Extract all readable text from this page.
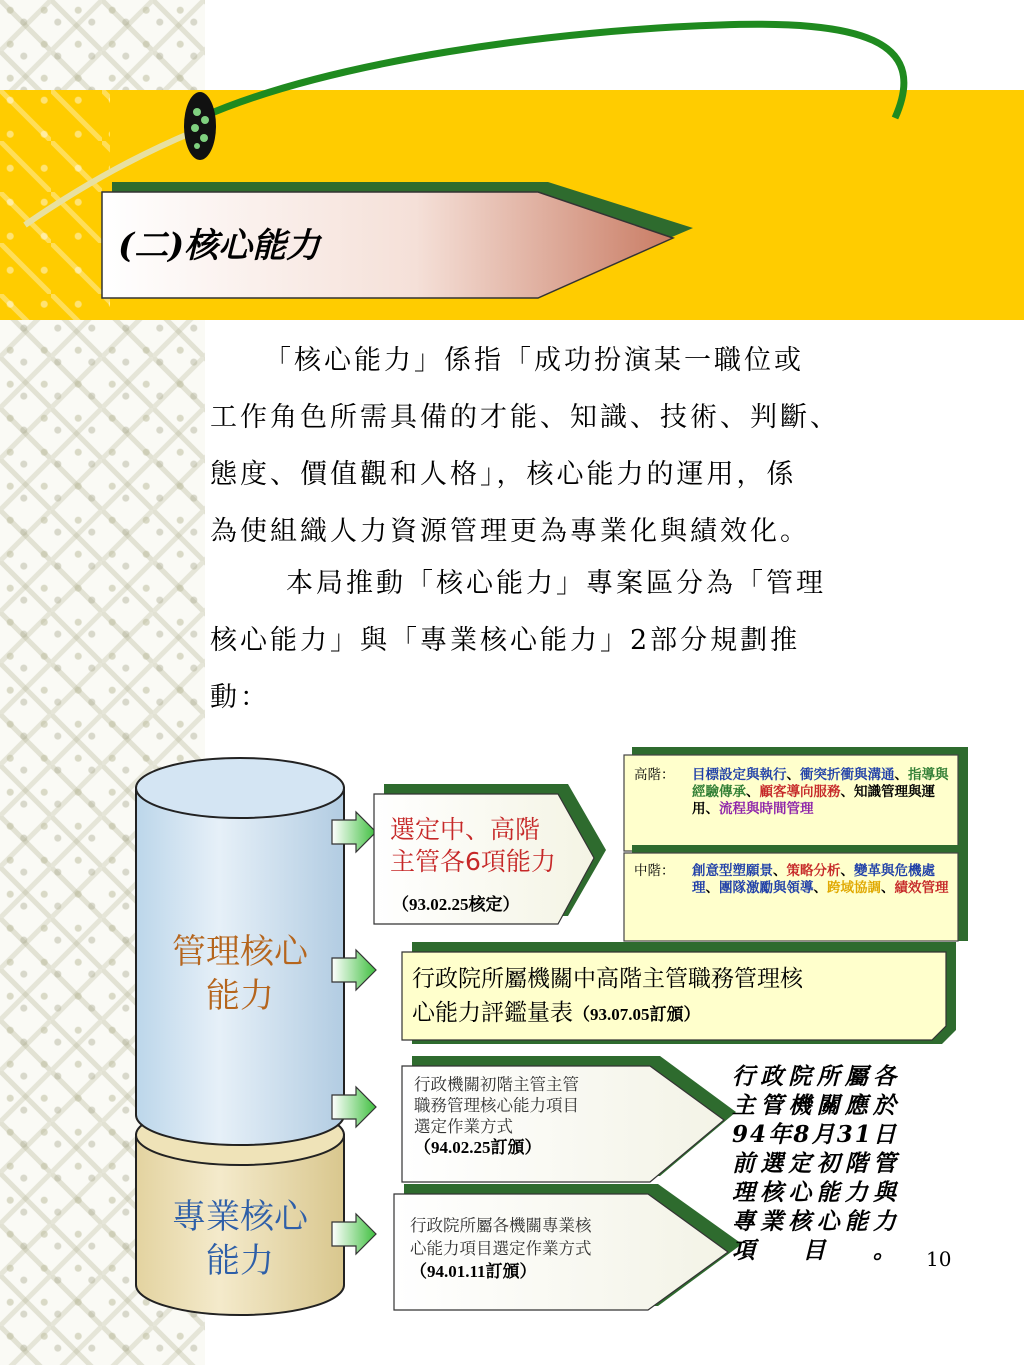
(二)核心能力
「核心能力」係指「成功扮演某一職位或
工作角色所需具備的才能、知識、技術、判斷、
態度、價值觀和人格」，核心能力的運用，係
為使組織人力資源管理更為專業化與績效化。
本局推動「核心能力」專案區分為「管理
核心能力」與「專業核心能力」2部分規劃推
動：
管理核心
能力
專業核心
能力
選定中、高階
主管各6項能力
（93.02.25核定）
高階： 目標設定與執行、衝突折衝與溝通、指導與經驗傳承、顧客導向服務、知識管理與運用、流程與時間管理
中階： 創意型塑願景、策略分析、變革與危機處理、團隊激勵與領導、跨域協調、績效管理
行政院所屬機關中高階主管職務管理核
心能力評鑑量表（93.07.05訂頒）
行政機關初階主管主管
職務管理核心能力項目
選定作業方式
（94.02.25訂頒）
行政院所屬各機關專業核
心能力項目選定作業方式
（94.01.11訂頒）
行政院所屬各主管機關應於94年8月31日前選定初階管理核心能力與專業核心能力項目。 10
